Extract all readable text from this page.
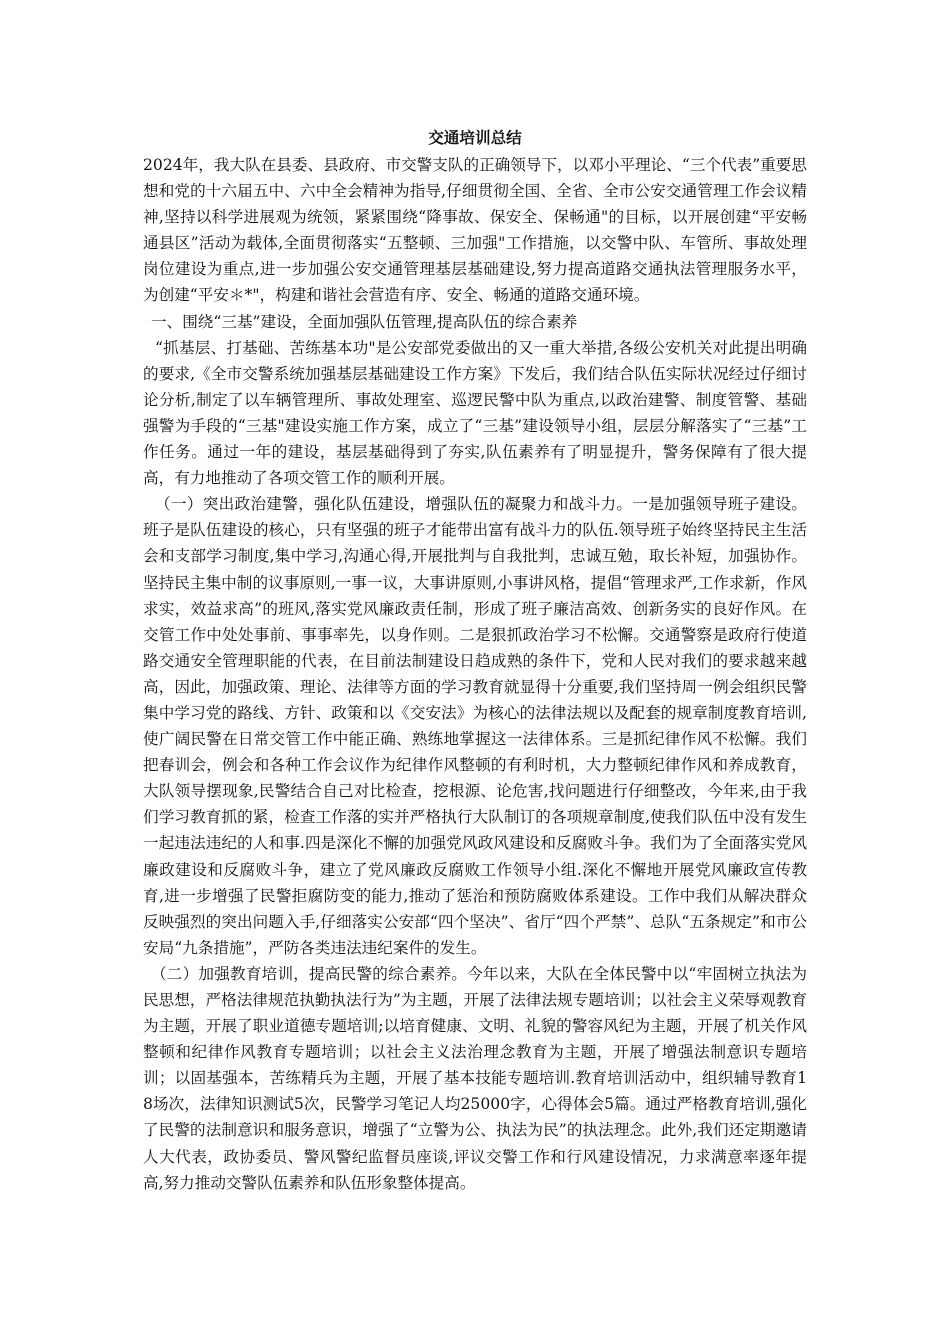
交通培训总结

2024年，我大队在县委、县政府、市交警支队的正确领导下，以邓小平理论、“三个代表”重要思想和党的十六届五中、六中全会精神为指导,仔细贯彻全国、全省、全市公安交通管理工作会议精神,坚持以科学进展观为统领，紧紧围绕“降事故、保安全、保畅通"的目标，以开展创建“平安畅通县区”活动为载体,全面贯彻落实“五整顿、三加强"工作措施，以交警中队、车管所、事故处理岗位建设为重点,进一步加强公安交通管理基层基础建设,努力提高道路交通执法管理服务水平，为创建“平安＊*"，构建和谐社会营造有序、安全、畅通的道路交通环境。

一、围绕“三基”建设，全面加强队伍管理,提高队伍的综合素养

“抓基层、打基础、苦练基本功"是公安部党委做出的又一重大举措,各级公安机关对此提出明确的要求,《全市交警系统加强基层基础建设工作方案》下发后，我们结合队伍实际状况经过仔细讨论分析,制定了以车辆管理所、事故处理室、巡逻民警中队为重点,以政治建警、制度管警、基础强警为手段的“三基"建设实施工作方案，成立了“三基”建设领导小组，层层分解落实了“三基”工作任务。通过一年的建设，基层基础得到了夯实,队伍素养有了明显提升，警务保障有了很大提高，有力地推动了各项交管工作的顺利开展。

（一）突出政治建警，强化队伍建设，增强队伍的凝聚力和战斗力。一是加强领导班子建设。班子是队伍建设的核心，只有坚强的班子才能带出富有战斗力的队伍.领导班子始终坚持民主生活会和支部学习制度,集中学习,沟通心得,开展批判与自我批判，忠诚互勉，取长补短，加强协作。坚持民主集中制的议事原则,一事一议，大事讲原则,小事讲风格，提倡“管理求严,工作求新，作风求实，效益求高”的班风,落实党风廉政责任制，形成了班子廉洁高效、创新务实的良好作风。在交管工作中处处事前、事事率先，以身作则。二是狠抓政治学习不松懈。交通警察是政府行使道路交通安全管理职能的代表，在目前法制建设日趋成熟的条件下，党和人民对我们的要求越来越高，因此，加强政策、理论、法律等方面的学习教育就显得十分重要,我们坚持周一例会组织民警集中学习党的路线、方针、政策和以《交安法》为核心的法律法规以及配套的规章制度教育培训,使广阔民警在日常交管工作中能正确、熟练地掌握这一法律体系。三是抓纪律作风不松懈。我们把春训会，例会和各种工作会议作为纪律作风整顿的有利时机，大力整顿纪律作风和养成教育，大队领导摆现象,民警结合自己对比检查，挖根源、论危害,找问题进行仔细整改，今年来,由于我们学习教育抓的紧，检查工作落的实并严格执行大队制订的各项规章制度,使我们队伍中没有发生一起违法违纪的人和事.四是深化不懈的加强党风政风建设和反腐败斗争。我们为了全面落实党风廉政建设和反腐败斗争，建立了党风廉政反腐败工作领导小组.深化不懈地开展党风廉政宣传教育,进一步增强了民警拒腐防变的能力,推动了惩治和预防腐败体系建设。工作中我们从解决群众反映强烈的突出问题入手,仔细落实公安部“四个坚决”、省厅“四个严禁”、总队“五条规定”和市公安局“九条措施”，严防各类违法违纪案件的发生。

（二）加强教育培训，提高民警的综合素养。今年以来，大队在全体民警中以“牢固树立执法为民思想，严格法律规范执勤执法行为”为主题，开展了法律法规专题培训；以社会主义荣辱观教育为主题，开展了职业道德专题培训;以培育健康、文明、礼貌的警容风纪为主题，开展了机关作风整顿和纪律作风教育专题培训；以社会主义法治理念教育为主题，开展了增强法制意识专题培训；以固基强本，苦练精兵为主题，开展了基本技能专题培训.教育培训活动中，组织辅导教育18场次，法律知识测试5次，民警学习笔记人均25000字，心得体会5篇。通过严格教育培训,强化了民警的法制意识和服务意识，增强了“立警为公、执法为民”的执法理念。此外,我们还定期邀请人大代表，政协委员、警风警纪监督员座谈,评议交警工作和行风建设情况，力求满意率逐年提高,努力推动交警队伍素养和队伍形象整体提高。
